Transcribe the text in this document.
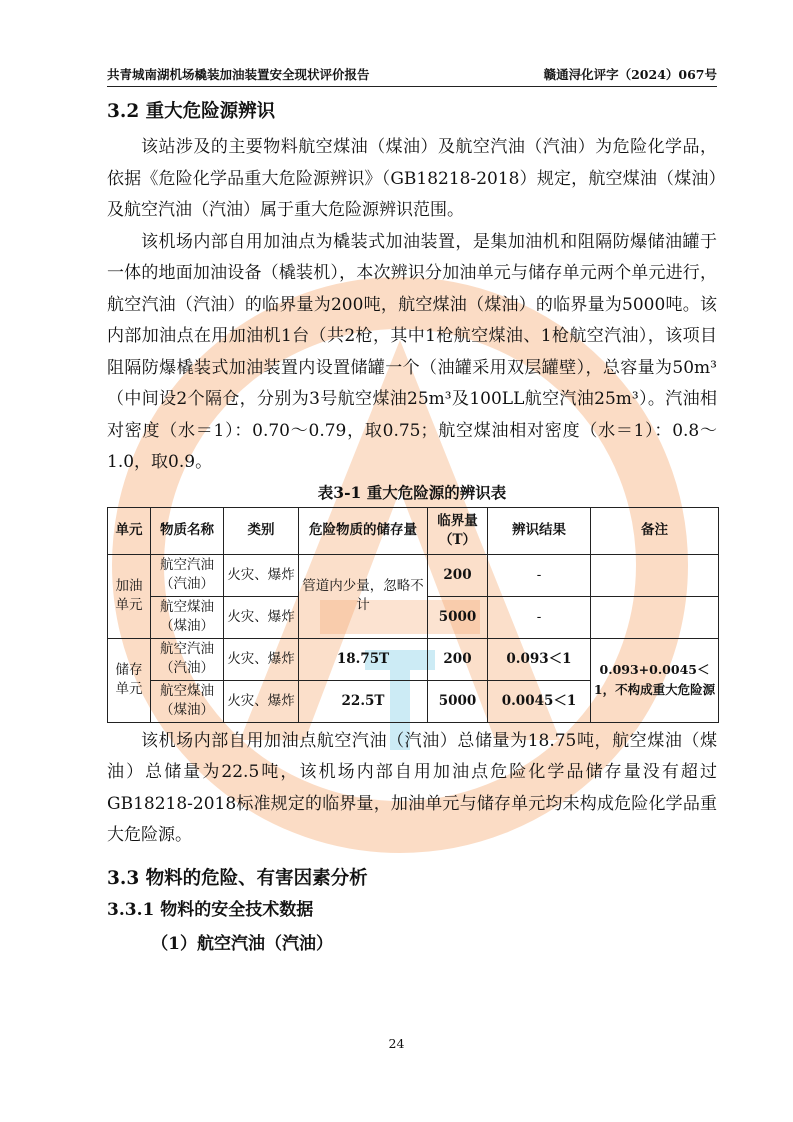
共青城南湖机场橇装加油装置安全现状评价报告	赣通浔化评字（2024）067号
3.2 重大危险源辨识

该站涉及的主要物料航空煤油（煤油）及航空汽油（汽油）为危险化学品，依据《危险化学品重大危险源辨识》（GB18218-2018）规定，航空煤油（煤油）及航空汽油（汽油）属于重大危险源辨识范围。

该机场内部自用加油点为橇装式加油装置，是集加油机和阻隔防爆储油罐于一体的地面加油设备（橇装机），本次辨识分加油单元与储存单元两个单元进行，航空汽油（汽油）的临界量为200吨，航空煤油（煤油）的临界量为5000吨。该内部加油点在用加油机1台（共2枪，其中1枪航空煤油、1枪航空汽油），该项目阻隔防爆橇装式加油装置内设置储罐一个（油罐采用双层罐壁），总容量为50m³（中间设2个隔仓，分别为3号航空煤油25m³及100LL航空汽油25m³）。汽油相对密度（水＝1）：0.70～0.79，取0.75；航空煤油相对密度（水＝1）：0.8～1.0，取0.9。

表3-1 重大危险源的辨识表
单元	物质名称	类别	危险物质的储存量	临界量（T）	辨识结果	备注
加油单元	航空汽油（汽油）	火灾、爆炸	管道内少量，忽略不计	200	-	
	航空煤油（煤油）	火灾、爆炸		5000	-	
储存单元	航空汽油（汽油）	火灾、爆炸	18.75T	200	0.093＜1	0.093+0.0045＜1，不构成重大危险源
	航空煤油（煤油）	火灾、爆炸	22.5T	5000	0.0045＜1	

该机场内部自用加油点航空汽油（汽油）总储量为18.75吨，航空煤油（煤油）总储量为22.5吨，该机场内部自用加油点危险化学品储存量没有超过GB18218-2018标准规定的临界量，加油单元与储存单元均未构成危险化学品重大危险源。

3.3 物料的危险、有害因素分析
3.3.1 物料的安全技术数据
（1）航空汽油（汽油）
24
